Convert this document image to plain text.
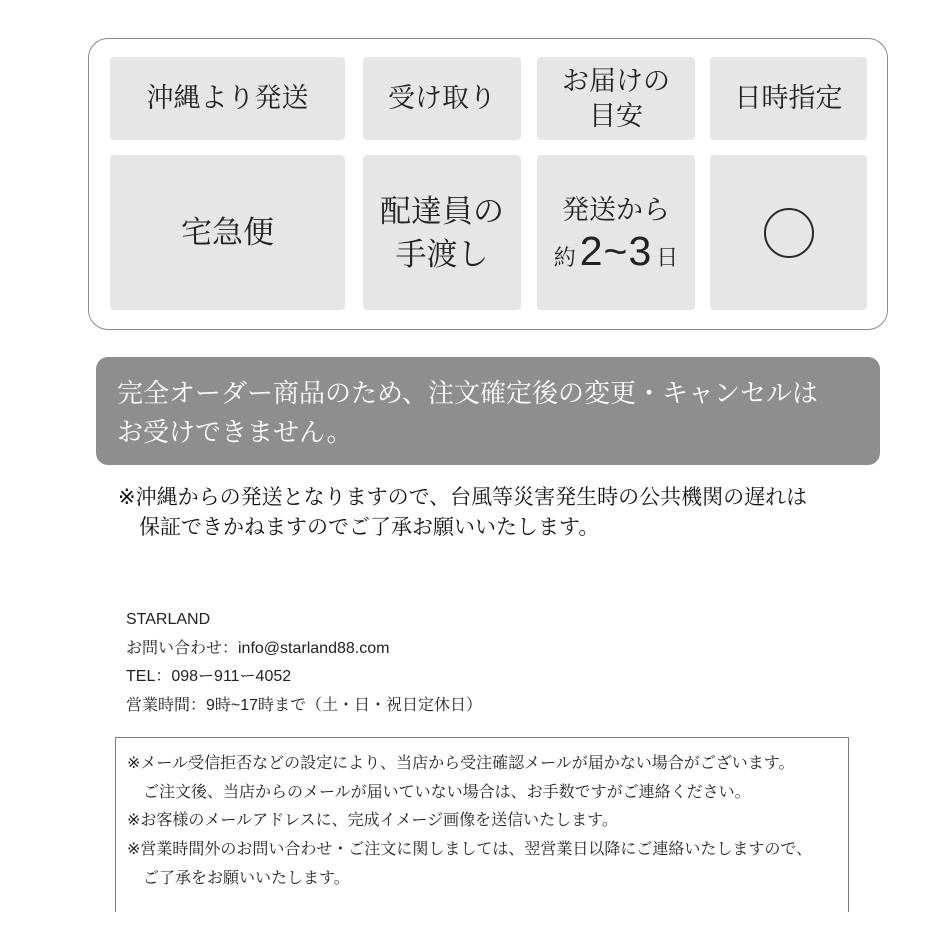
沖縄より発送	受け取り
お届けの
目安
日時指定
宅急便
配達員の
手渡し
発送から
約 2~3 日
完全オーダー商品のため、注文確定後の変更・キャンセルは
お受けできません。
※沖縄からの発送となりますので、台風等災害発生時の公共機関の遅れは
保証できかねますのでご了承お願いいたします。
STARLAND
お問い合わせ：info@starland88.com
TEL：098ー911ー4052
営業時間：9時~17時まで（土・日・祝日定休日）
※メール受信拒否などの設定により、当店から受注確認メールが届かない場合がございます。
ご注文後、当店からのメールが届いていない場合は、お手数ですがご連絡ください。
※お客様のメールアドレスに、完成イメージ画像を送信いたします。
※営業時間外のお問い合わせ・ご注文に関しましては、翌営業日以降にご連絡いたしますので、
ご了承をお願いいたします。
